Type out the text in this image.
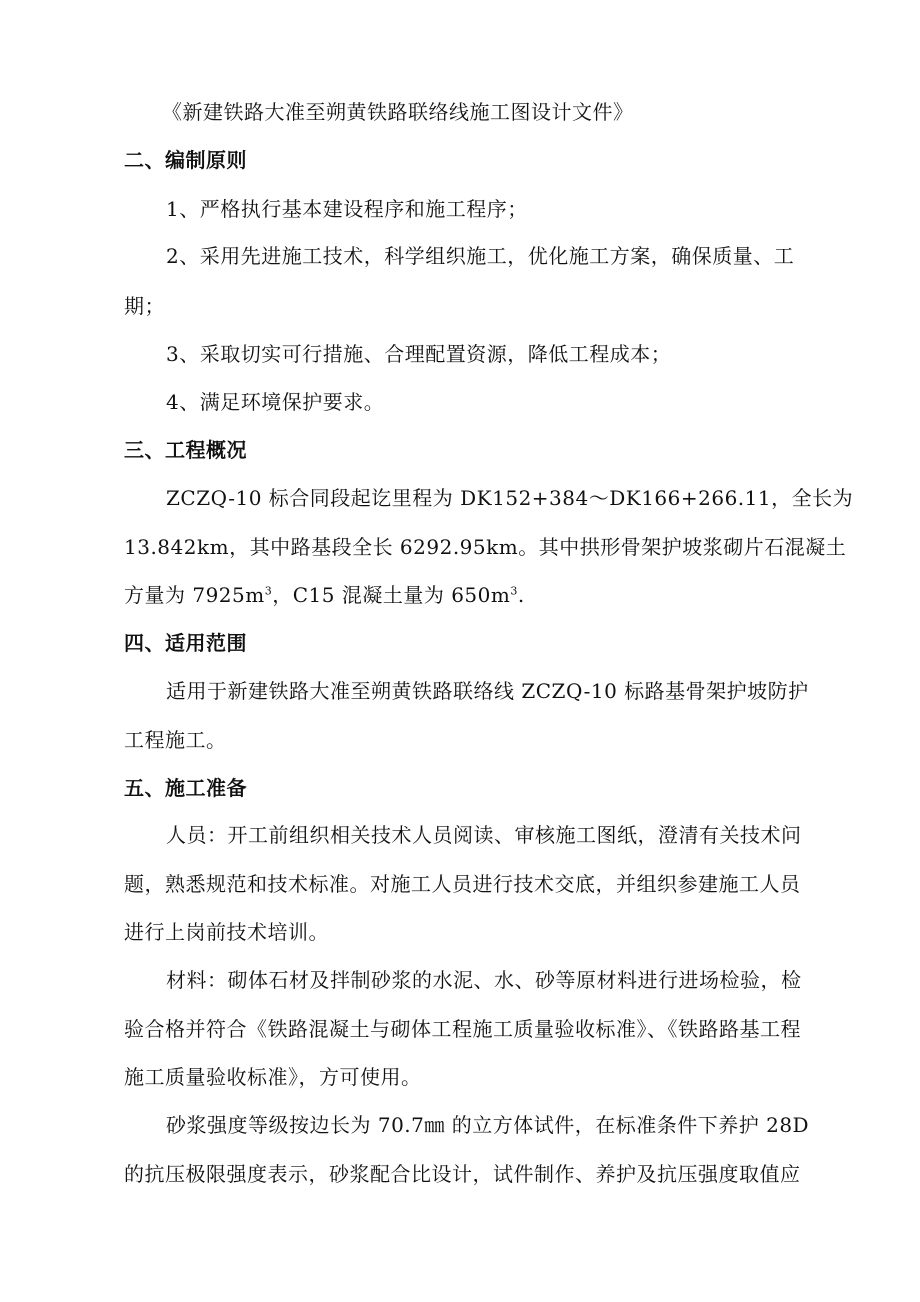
《新建铁路大准至朔黄铁路联络线施工图设计文件》
二、编制原则
1、严格执行基本建设程序和施工程序；
2、采用先进施工技术，科学组织施工，优化施工方案，确保质量、工
期；
3、采取切实可行措施、合理配置资源，降低工程成本；
4、满足环境保护要求。
三、工程概况
ZCZQ-10 标合同段起讫里程为 DK152+384～DK166+266.11，全长为
13.842km，其中路基段全长 6292.95km。其中拱形骨架护坡浆砌片石混凝土
方量为 $7925m^3$，C15 混凝土量为 $650m^3$.
四、适用范围
适用于新建铁路大准至朔黄铁路联络线 ZCZQ-10 标路基骨架护坡防护
工程施工。
五、施工准备
人员：开工前组织相关技术人员阅读、审核施工图纸，澄清有关技术问
题，熟悉规范和技术标准。对施工人员进行技术交底，并组织参建施工人员
进行上岗前技术培训。
材料：砌体石材及拌制砂浆的水泥、水、砂等原材料进行进场检验，检
验合格并符合《铁路混凝土与砌体工程施工质量验收标准》、《铁路路基工程
施工质量验收标准》，方可使用。
砂浆强度等级按边长为 70.7㎜ 的立方体试件，在标准条件下养护 28D
的抗压极限强度表示，砂浆配合比设计，试件制作、养护及抗压强度取值应
